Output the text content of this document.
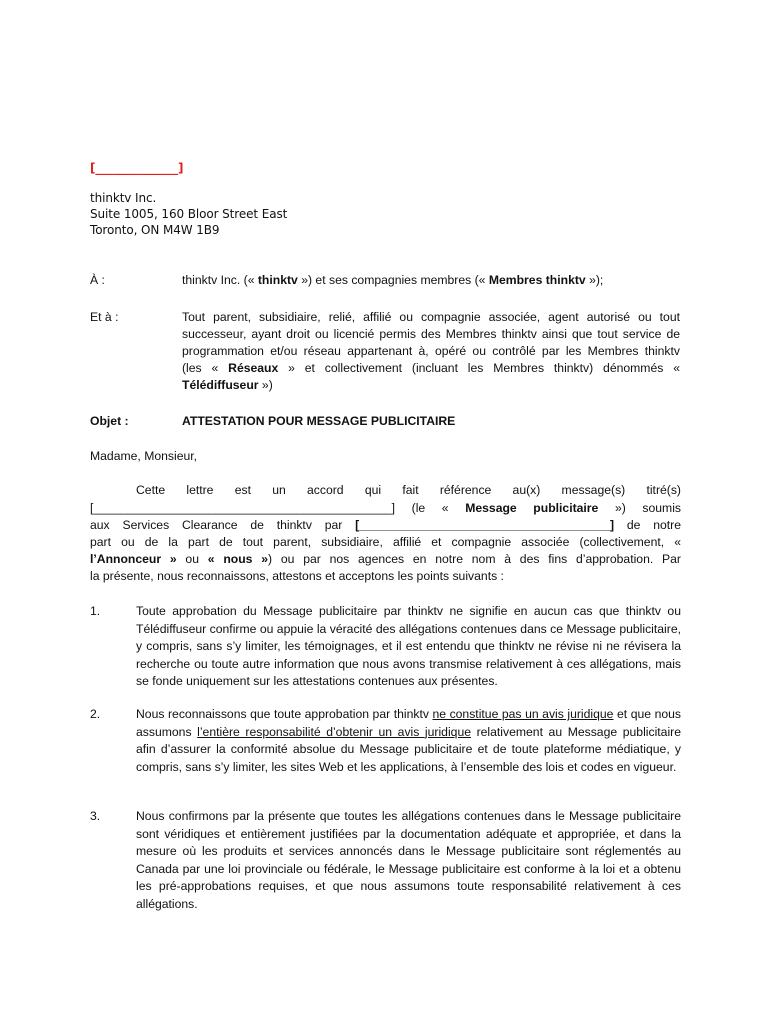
[______________]
thinktv Inc.
Suite 1005, 160 Bloor Street East
Toronto, ON M4W 1B9
À :	thinktv Inc. (« thinktv ») et ses compagnies membres (« Membres thinktv »);
Et à :	Tout parent, subsidiaire, relié, affilié ou compagnie associée, agent autorisé ou tout
successeur, ayant droit ou licencié permis des Membres thinktv ainsi que tout service de
programmation et/ou réseau appartenant à, opéré ou contrôlé par les Membres thinktv
(les « Réseaux » et collectivement (incluant les Membres thinktv) dénommés «
Télédiffuseur »)
Objet :	ATTESTATION POUR MESSAGE PUBLICITAIRE
Madame, Monsieur,
Cette lettre est un accord qui fait référence au(x) message(s) titré(s)
[____________________________________________] (le « Message publicitaire ») soumis
aux Services Clearance de thinktv par [_____________________________________] de notre
part ou de la part de tout parent, subsidiaire, affilié et compagnie associée (collectivement, «
l’Annonceur » ou « nous ») ou par nos agences en notre nom à des fins d’approbation. Par
la présente, nous reconnaissons, attestons et acceptons les points suivants :
1.	Toute approbation du Message publicitaire par thinktv ne signifie en aucun cas que thinktv ou Télédiffuseur confirme ou appuie la véracité des allégations contenues dans ce Message publicitaire, y compris, sans s’y limiter, les témoignages, et il est entendu que thinktv ne révise ni ne révisera la recherche ou toute autre information que nous avons transmise relativement à ces allégations, mais se fonde uniquement sur les attestations contenues aux présentes.
2.	Nous reconnaissons que toute approbation par thinktv ne constitue pas un avis juridique et que nous assumons l’entière responsabilité d’obtenir un avis juridique relativement au Message publicitaire afin d’assurer la conformité absolue du Message publicitaire et de toute plateforme médiatique, y compris, sans s’y limiter, les sites Web et les applications, à l’ensemble des lois et codes en vigueur.
3.	Nous confirmons par la présente que toutes les allégations contenues dans le Message publicitaire sont véridiques et entièrement justifiées par la documentation adéquate et appropriée, et dans la mesure où les produits et services annoncés dans le Message publicitaire sont réglementés au Canada par une loi provinciale ou fédérale, le Message publicitaire est conforme à la loi et a obtenu les pré-approbations requises, et que nous assumons toute responsabilité relativement à ces allégations.
